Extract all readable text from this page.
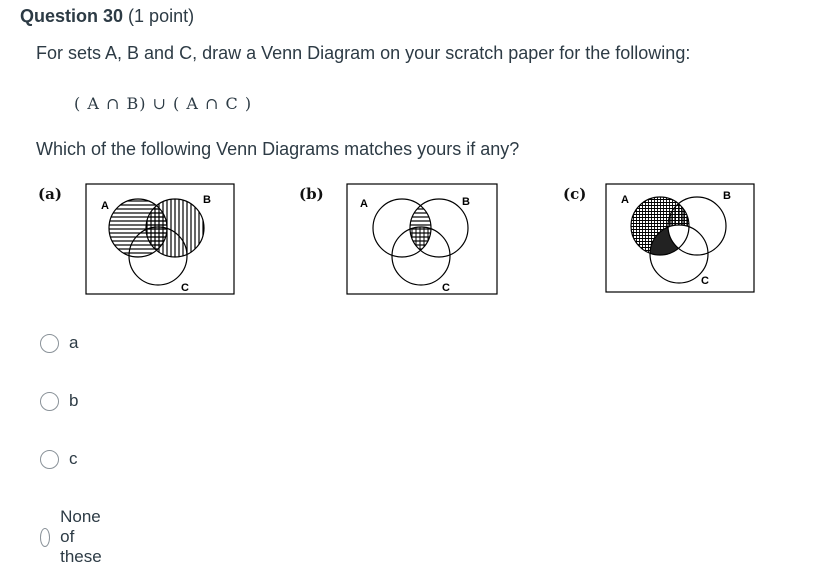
Question 30 (1 point)
For sets A, B and C, draw a Venn Diagram on your scratch paper for the following:
( A ∩ B) ∪ ( A ∩ C )
Which of the following Venn Diagrams matches yours if any?
(a)
A	B
C
(b)
A	B
C
(c)	A	B
C
a
b
c
None of these
